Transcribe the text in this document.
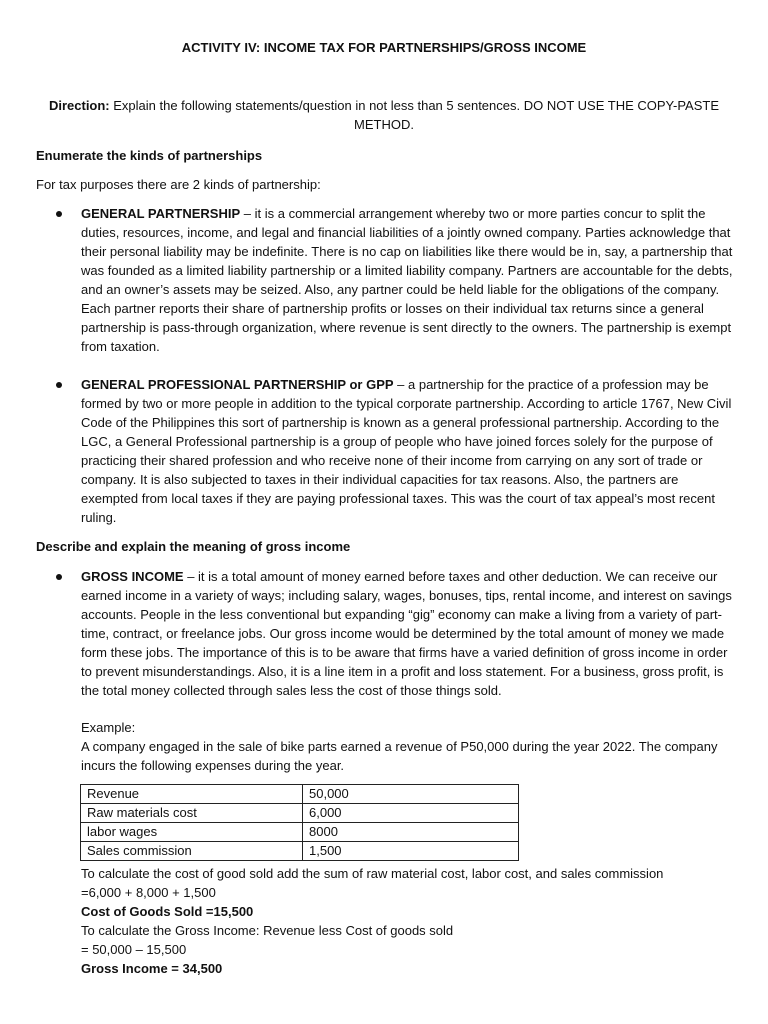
ACTIVITY IV: INCOME TAX FOR PARTNERSHIPS/GROSS INCOME
Direction: Explain the following statements/question in not less than 5 sentences. DO NOT USE THE COPY-PASTE METHOD.
Enumerate the kinds of partnerships
For tax purposes there are 2 kinds of partnership:
GENERAL PARTNERSHIP – it is a commercial arrangement whereby two or more parties concur to split the duties, resources, income, and legal and financial liabilities of a jointly owned company. Parties acknowledge that their personal liability may be indefinite. There is no cap on liabilities like there would be in, say, a partnership that was founded as a limited liability partnership or a limited liability company. Partners are accountable for the debts, and an owner’s assets may be seized. Also, any partner could be held liable for the obligations of the company. Each partner reports their share of partnership profits or losses on their individual tax returns since a general partnership is pass-through organization, where revenue is sent directly to the owners. The partnership is exempt from taxation.
GENERAL PROFESSIONAL PARTNERSHIP or GPP – a partnership for the practice of a profession may be formed by two or more people in addition to the typical corporate partnership. According to article 1767, New Civil Code of the Philippines this sort of partnership is known as a general professional partnership. According to the LGC, a General Professional partnership is a group of people who have joined forces solely for the purpose of practicing their shared profession and who receive none of their income from carrying on any sort of trade or company. It is also subjected to taxes in their individual capacities for tax reasons. Also, the partners are exempted from local taxes if they are paying professional taxes. This was the court of tax appeal’s most recent ruling.
Describe and explain the meaning of gross income
GROSS INCOME – it is a total amount of money earned before taxes and other deduction. We can receive our earned income in a variety of ways; including salary, wages, bonuses, tips, rental income, and interest on savings accounts. People in the less conventional but expanding “gig” economy can make a living from a variety of part-time, contract, or freelance jobs. Our gross income would be determined by the total amount of money we made form these jobs. The importance of this is to be aware that firms have a varied definition of gross income in order to prevent misunderstandings. Also, it is a line item in a profit and loss statement. For a business, gross profit, is the total money collected through sales less the cost of those things sold.
Example:
A company engaged in the sale of bike parts earned a revenue of P50,000 during the year 2022. The company incurs the following expenses during the year.
Revenue	50,000
Raw materials cost	6,000
labor wages	8000
Sales commission	1,500
To calculate the cost of good sold add the sum of raw material cost, labor cost, and sales commission
=6,000 + 8,000 + 1,500
Cost of Goods Sold =15,500
To calculate the Gross Income: Revenue less Cost of goods sold
= 50,000 – 15,500
Gross Income = 34,500
